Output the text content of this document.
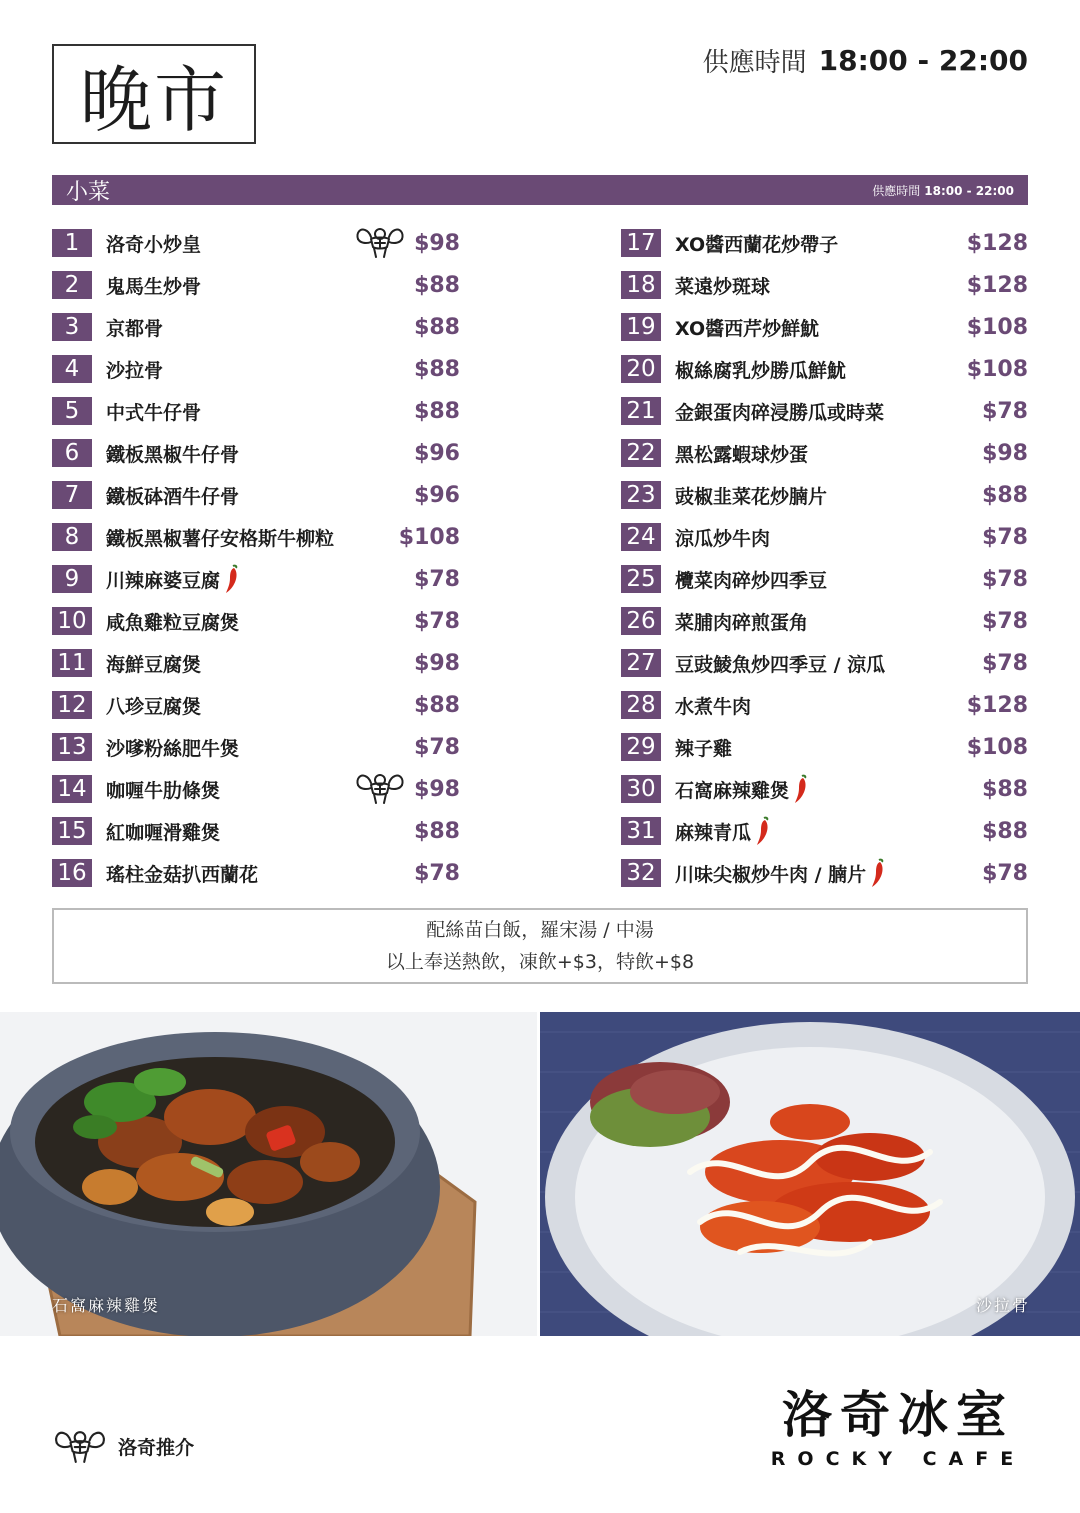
晚市	供應時間 18:00 - 22:00
小菜	供應時間 18:00 - 22:00
1	洛奇小炒皇	$98
2	鬼馬生炒骨	$88
3	京都骨	$88
4	沙拉骨	$88
5	中式牛仔骨	$88
6	鐵板黑椒牛仔骨	$96
7	鐵板砵酒牛仔骨	$96
8	鐵板黑椒薯仔安格斯牛柳粒	$108
9	川辣麻婆豆腐	$78
10 咸魚雞粒豆腐煲	$78
11 海鮮豆腐煲	$98
12 八珍豆腐煲	$88
13 沙嗲粉絲肥牛煲	$78
14 咖喱牛肋條煲	$98
15 紅咖喱滑雞煲	$88
16 瑤柱金菇扒西蘭花	$78
17 XO醬西蘭花炒帶子	$128
18 菜遠炒斑球	$128
19 XO醬西芹炒鮮魷	$108
20 椒絲腐乳炒勝瓜鮮魷	$108
21 金銀蛋肉碎浸勝瓜或時菜	$78
22 黑松露蝦球炒蛋	$98
23 豉椒韭菜花炒腩片	$88
24 涼瓜炒牛肉	$78
25 欖菜肉碎炒四季豆	$78
26 菜脯肉碎煎蛋角	$78
27 豆豉鯪魚炒四季豆 / 涼瓜	$78
28 水煮牛肉	$128
29 辣子雞	$108
30 石窩麻辣雞煲	$88
31 麻辣青瓜	$88
32 川味尖椒炒牛肉 / 腩片	$78
配絲苗白飯，羅宋湯 / 中湯
以上奉送熱飲，凍飲+$3，特飲+$8
石窩麻辣雞煲	沙拉骨
洛奇推介
洛奇冰室
ROCKY CAFE
